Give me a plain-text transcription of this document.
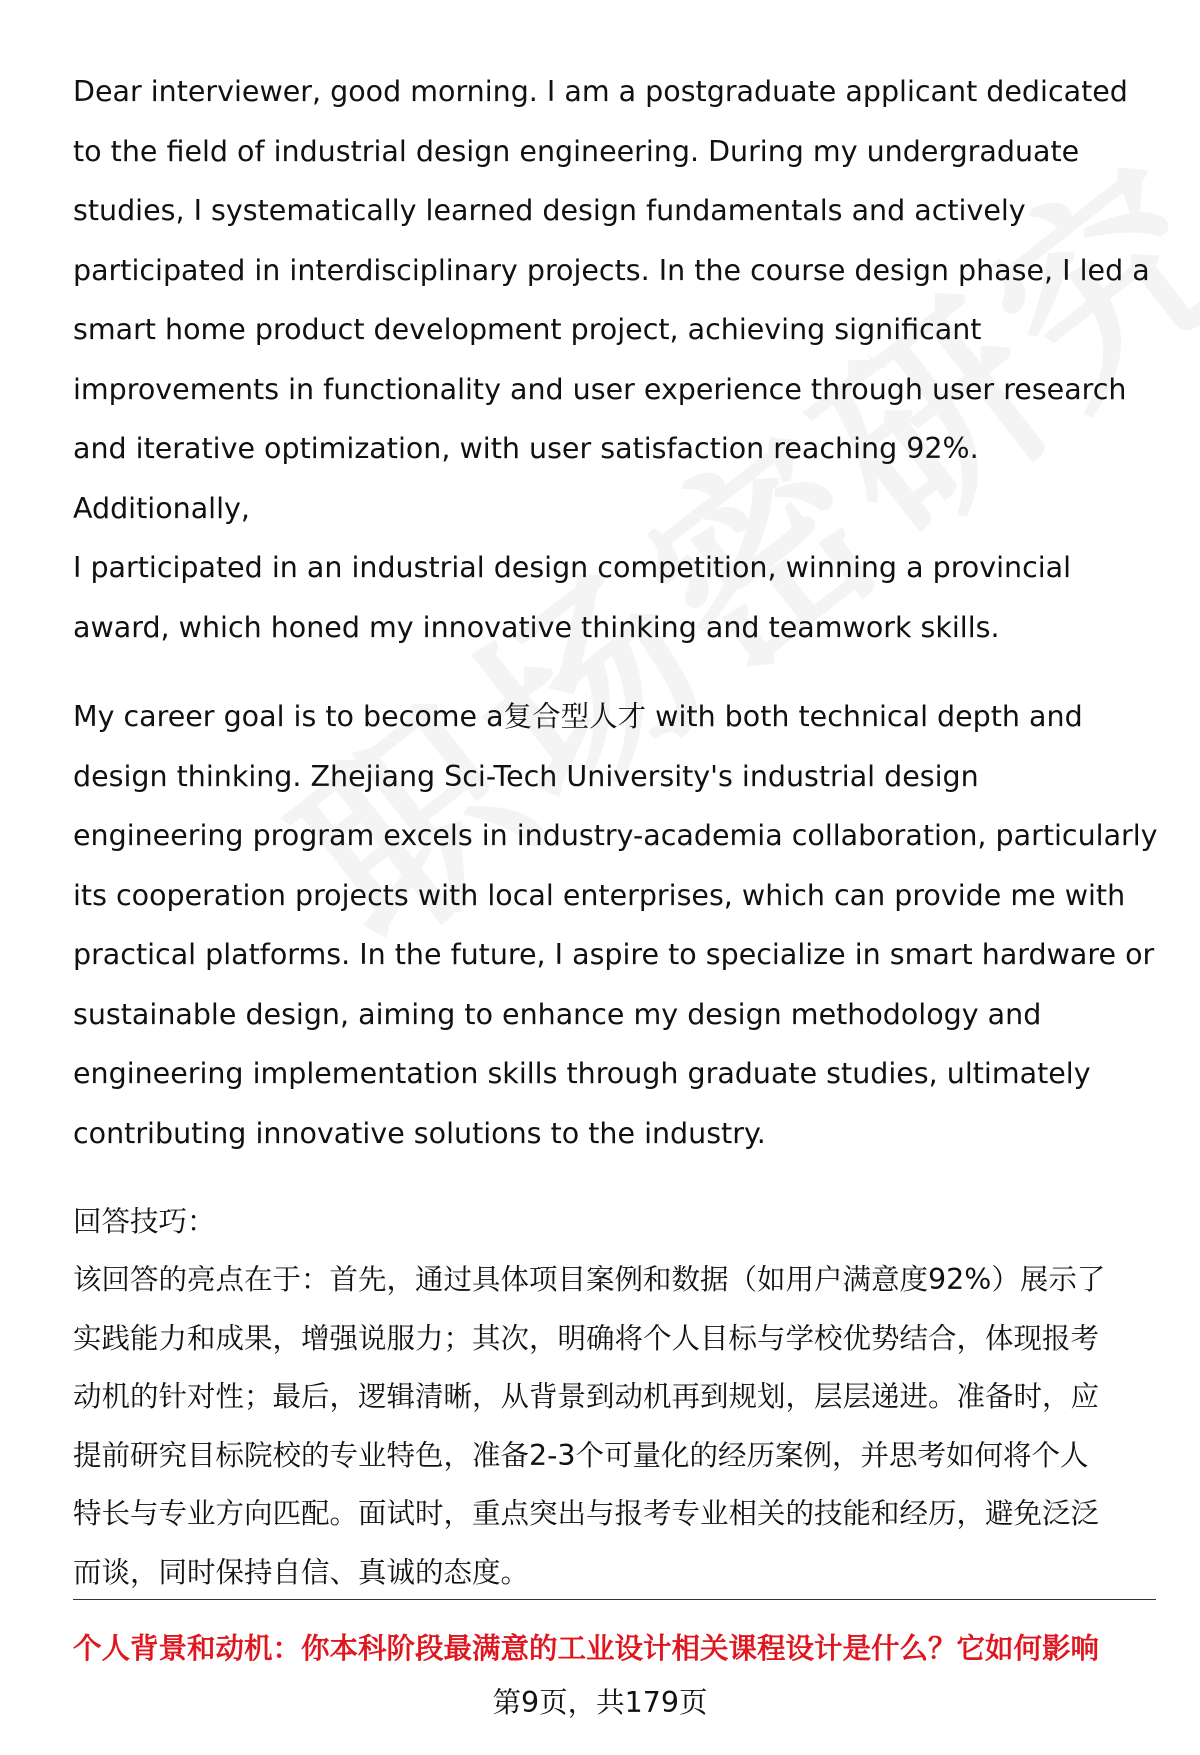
Dear interviewer, good morning. I am a postgraduate applicant dedicated
to the field of industrial design engineering. During my undergraduate
studies, I systematically learned design fundamentals and actively
participated in interdisciplinary projects. In the course design phase, I led a
smart home product development project, achieving significant
improvements in functionality and user experience through user research
and iterative optimization, with user satisfaction reaching 92%. Additionally,
I participated in an industrial design competition, winning a provincial
award, which honed my innovative thinking and teamwork skills.

My career goal is to become a复合型人才 with both technical depth and
design thinking. Zhejiang Sci-Tech University's industrial design
engineering program excels in industry-academia collaboration, particularly
its cooperation projects with local enterprises, which can provide me with
practical platforms. In the future, I aspire to specialize in smart hardware or
sustainable design, aiming to enhance my design methodology and
engineering implementation skills through graduate studies, ultimately
contributing innovative solutions to the industry.

回答技巧：

该回答的亮点在于：首先，通过具体项目案例和数据（如用户满意度92%）展示了
实践能力和成果，增强说服力；其次，明确将个人目标与学校优势结合，体现报考
动机的针对性；最后，逻辑清晰，从背景到动机再到规划，层层递进。准备时，应
提前研究目标院校的专业特色，准备2-3个可量化的经历案例，并思考如何将个人
特长与专业方向匹配。面试时，重点突出与报考专业相关的技能和经历，避免泛泛
而谈，同时保持自信、真诚的态度。

个人背景和动机：你本科阶段最满意的工业设计相关课程设计是什么？它如何影响
第9页，共179页
